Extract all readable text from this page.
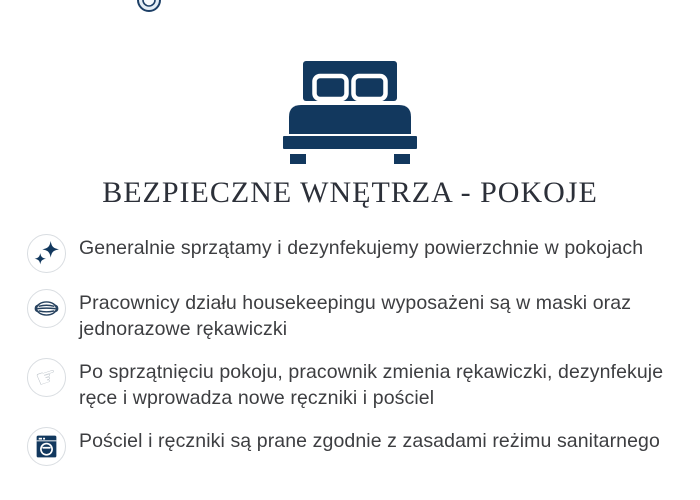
BEZPIECZNE WNĘTRZA - POKOJE
Generalnie sprzątamy i dezynfekujemy powierzchnie w pokojach
Pracownicy działu housekeepingu wyposażeni są w maski oraz jednorazowe rękawiczki
☞ Po sprzątnięciu pokoju, pracownik zmienia rękawiczki, dezynfekuje ręce i wprowadza nowe ręczniki i pościel
Pościel i ręczniki są prane zgodnie z zasadami reżimu sanitarnego
